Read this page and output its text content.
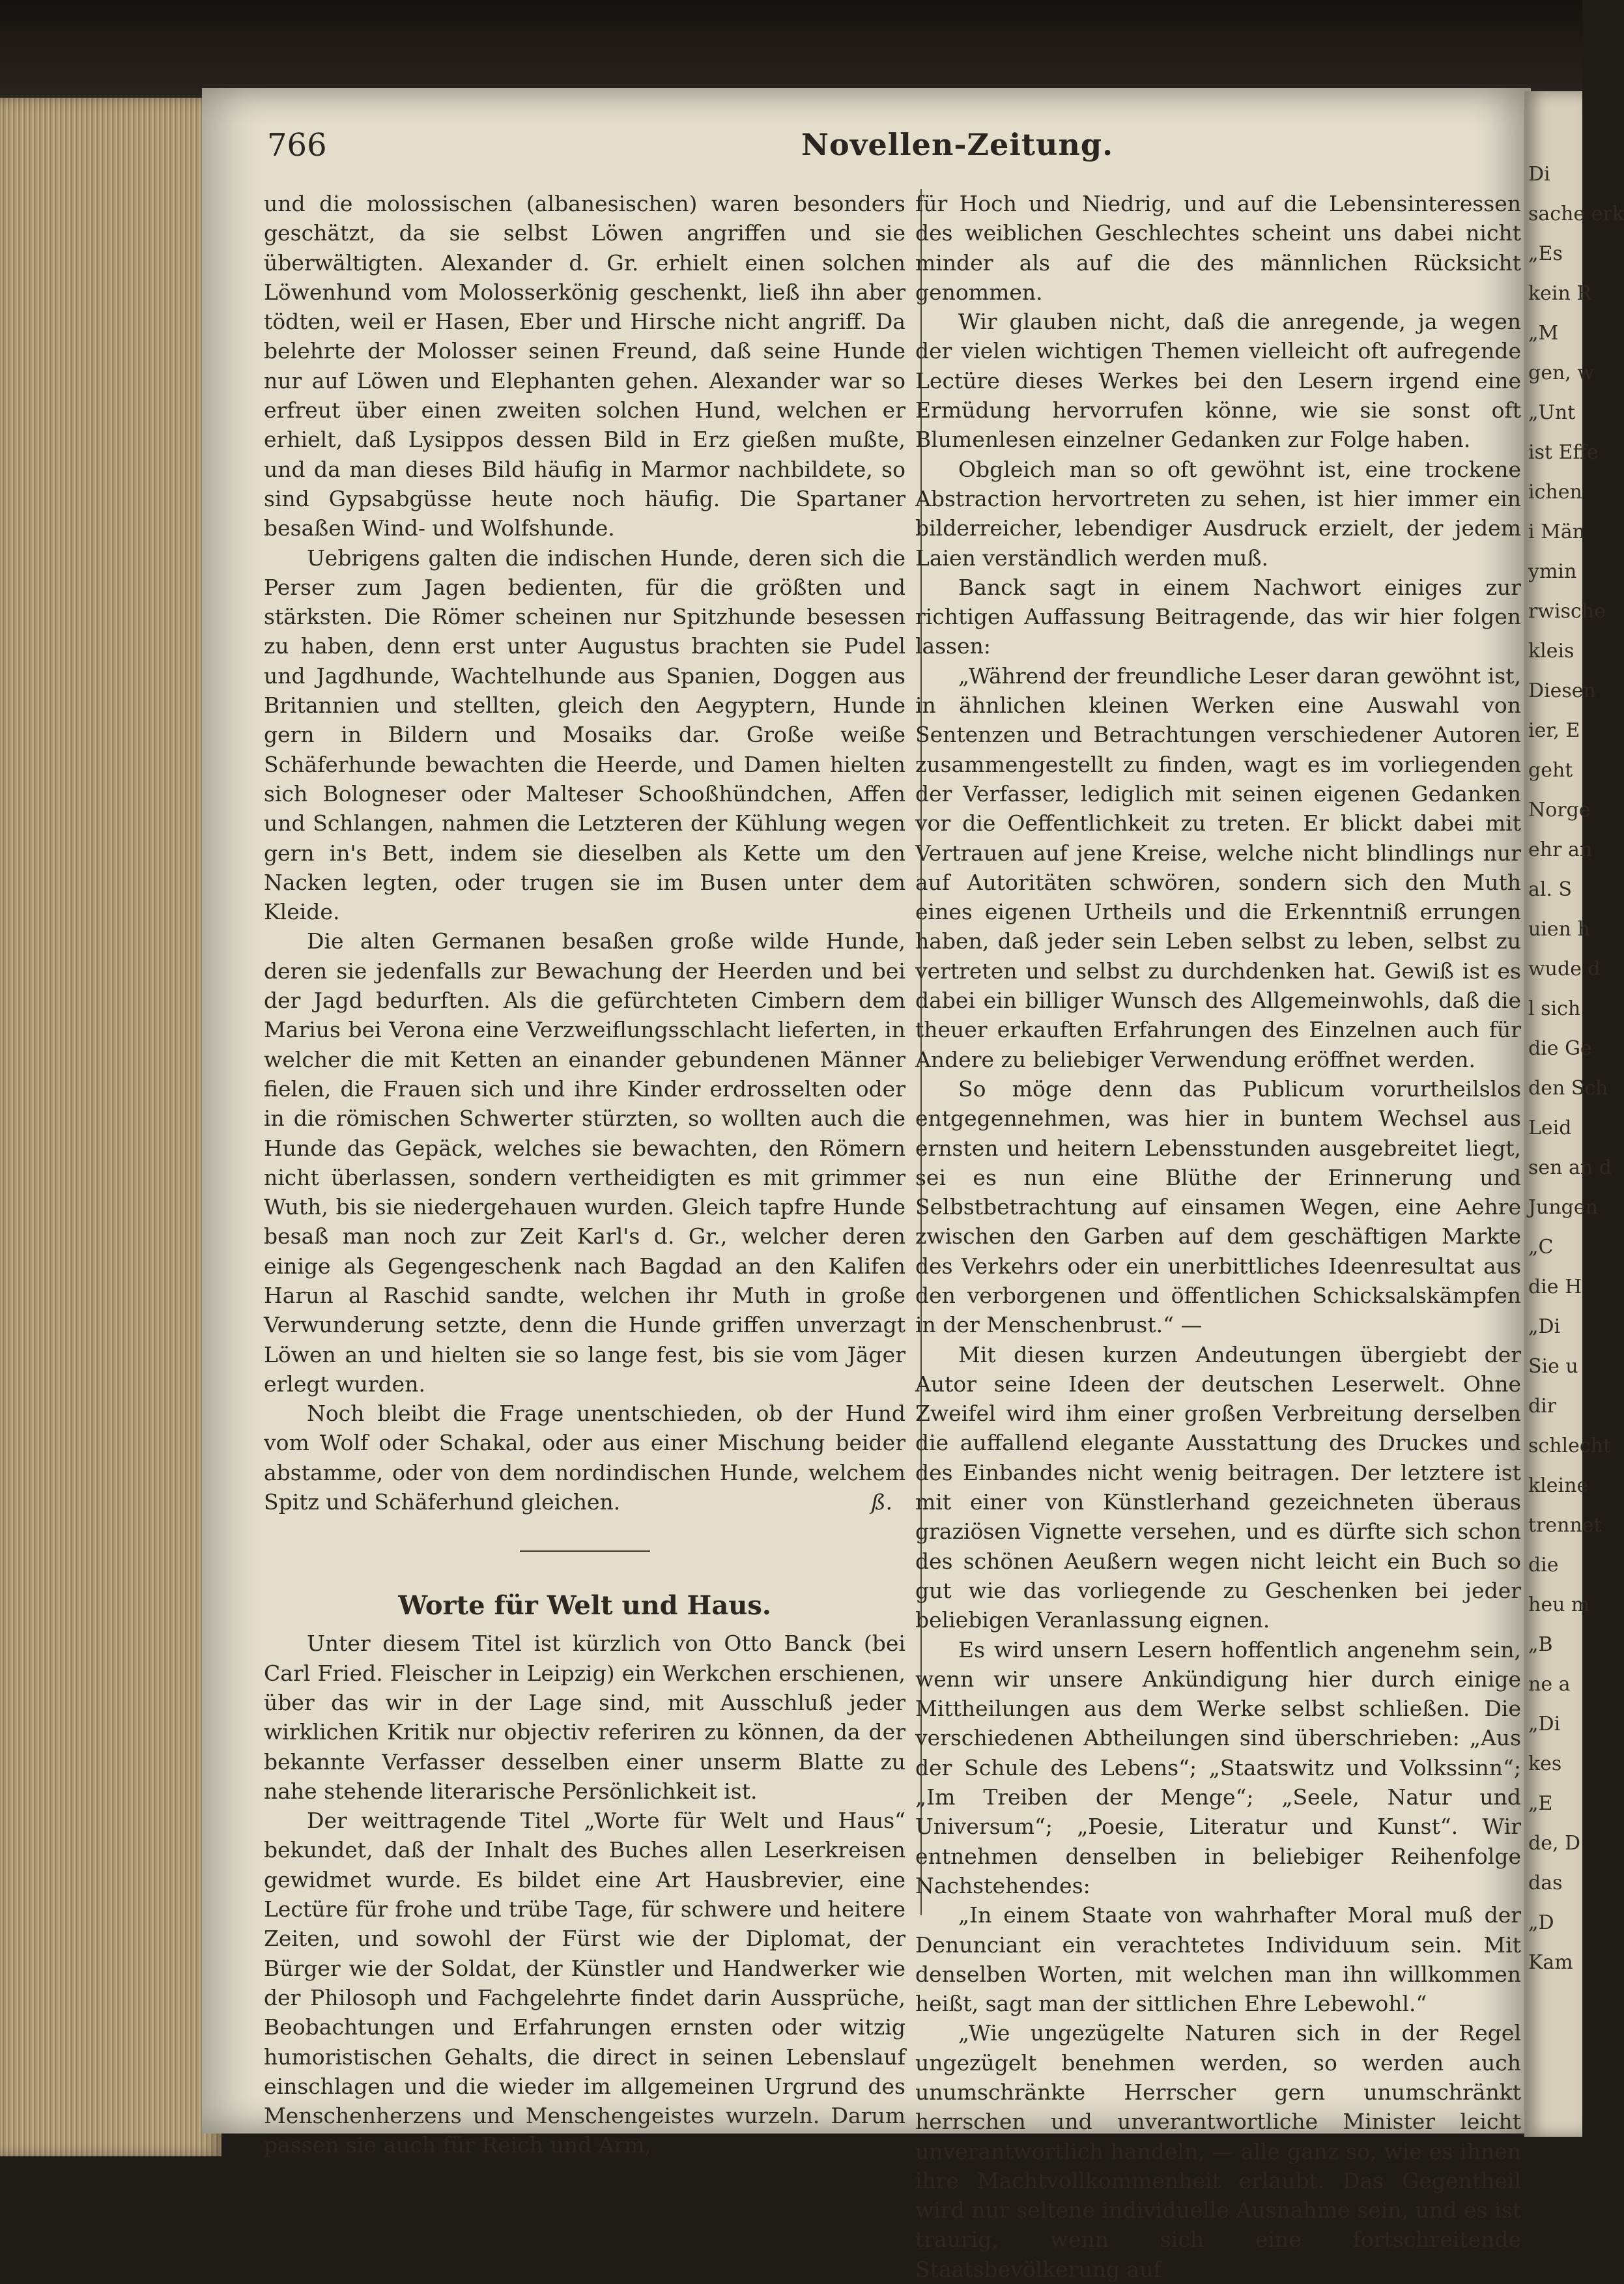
Di
sache erk
„Es
kein R
„M
gen, w
„Unt
ist Effe
ichen
i Män
ymin
rwische
kleis
Diesen
ier, E
geht
Norge
ehr an
al. S
uien h
wude d
l sich
die Ge
den Sch
Leid
sen an d
Jungen
„C
die H
„Di
Sie u
dir
schlecht
kleine
trennet
die
heu m
„B
ne a
„Di
kes
„E
de, D
das
„D
Kam
766	Novellen-Zeitung.

und die molossischen (albanesischen) waren besonders geschätzt, da sie selbst Löwen angriffen und sie überwältigten. Alexander d. Gr. erhielt einen solchen Löwenhund vom Molosserkönig geschenkt, ließ ihn aber tödten, weil er Hasen, Eber und Hirsche nicht angriff. Da belehrte der Molosser seinen Freund, daß seine Hunde nur auf Löwen und Elephanten gehen. Alexander war so erfreut über einen zweiten solchen Hund, welchen er erhielt, daß Lysippos dessen Bild in Erz gießen mußte, und da man dieses Bild häufig in Marmor nachbildete, so sind Gypsabgüsse heute noch häufig. Die Spartaner besaßen Wind- und Wolfshunde.

Uebrigens galten die indischen Hunde, deren sich die Perser zum Jagen bedienten, für die größten und stärksten. Die Römer scheinen nur Spitzhunde besessen zu haben, denn erst unter Augustus brachten sie Pudel und Jagdhunde, Wachtelhunde aus Spanien, Doggen aus Britannien und stellten, gleich den Aegyptern, Hunde gern in Bildern und Mosaiks dar. Große weiße Schäferhunde bewachten die Heerde, und Damen hielten sich Bologneser oder Malteser Schooßhündchen, Affen und Schlangen, nahmen die Letzteren der Kühlung wegen gern in's Bett, indem sie dieselben als Kette um den Nacken legten, oder trugen sie im Busen unter dem Kleide.

Die alten Germanen besaßen große wilde Hunde, deren sie jedenfalls zur Bewachung der Heerden und bei der Jagd bedurften. Als die gefürchteten Cimbern dem Marius bei Verona eine Verzweiflungsschlacht lieferten, in welcher die mit Ketten an einander gebundenen Männer fielen, die Frauen sich und ihre Kinder erdrosselten oder in die römischen Schwerter stürzten, so wollten auch die Hunde das Gepäck, welches sie bewachten, den Römern nicht überlassen, sondern vertheidigten es mit grimmer Wuth, bis sie niedergehauen wurden. Gleich tapfre Hunde besaß man noch zur Zeit Karl's d. Gr., welcher deren einige als Gegengeschenk nach Bagdad an den Kalifen Harun al Raschid sandte, welchen ihr Muth in große Verwunderung setzte, denn die Hunde griffen unverzagt Löwen an und hielten sie so lange fest, bis sie vom Jäger erlegt wurden.

Noch bleibt die Frage unentschieden, ob der Hund vom Wolf oder Schakal, oder aus einer Mischung beider abstamme, oder von dem nordindischen Hunde, welchem Spitz und Schäferhund gleichen.	ß.

Worte für Welt und Haus.

Unter diesem Titel ist kürzlich von Otto Banck (bei Carl Fried. Fleischer in Leipzig) ein Werkchen erschienen, über das wir in der Lage sind, mit Ausschluß jeder wirklichen Kritik nur objectiv referiren zu können, da der bekannte Verfasser desselben einer unserm Blatte zu nahe stehende literarische Persönlichkeit ist.

Der weittragende Titel „Worte für Welt und Haus“ bekundet, daß der Inhalt des Buches allen Leserkreisen gewidmet wurde. Es bildet eine Art Hausbrevier, eine Lectüre für frohe und trübe Tage, für schwere und heitere Zeiten, und sowohl der Fürst wie der Diplomat, der Bürger wie der Soldat, der Künstler und Handwerker wie der Philosoph und Fachgelehrte findet darin Aussprüche, Beobachtungen und Erfahrungen ernsten oder witzig humoristischen Gehalts, die direct in seinen Lebenslauf einschlagen und die wieder im allgemeinen Urgrund des Menschenherzens und Menschengeistes wurzeln. Darum passen sie auch für Reich und Arm,

für Hoch und Niedrig, und auf die Lebensinteressen des weiblichen Geschlechtes scheint uns dabei nicht minder als auf die des männlichen Rücksicht genommen.

Wir glauben nicht, daß die anregende, ja wegen der vielen wichtigen Themen vielleicht oft aufregende Lectüre dieses Werkes bei den Lesern irgend eine Ermüdung hervorrufen könne, wie sie sonst oft Blumenlesen einzelner Gedanken zur Folge haben.

Obgleich man so oft gewöhnt ist, eine trockene Abstraction hervortreten zu sehen, ist hier immer ein bilderreicher, lebendiger Ausdruck erzielt, der jedem Laien verständlich werden muß.

Banck sagt in einem Nachwort einiges zur richtigen Auffassung Beitragende, das wir hier folgen lassen:

„Während der freundliche Leser daran gewöhnt ist, in ähnlichen kleinen Werken eine Auswahl von Sentenzen und Betrachtungen verschiedener Autoren zusammengestellt zu finden, wagt es im vorliegenden der Verfasser, lediglich mit seinen eigenen Gedanken vor die Oeffentlichkeit zu treten. Er blickt dabei mit Vertrauen auf jene Kreise, welche nicht blindlings nur auf Autoritäten schwören, sondern sich den Muth eines eigenen Urtheils und die Erkenntniß errungen haben, daß jeder sein Leben selbst zu leben, selbst zu vertreten und selbst zu durchdenken hat. Gewiß ist es dabei ein billiger Wunsch des Allgemeinwohls, daß die theuer erkauften Erfahrungen des Einzelnen auch für Andere zu beliebiger Verwendung eröffnet werden.

So möge denn das Publicum vorurtheilslos entgegennehmen, was hier in buntem Wechsel aus ernsten und heitern Lebensstunden ausgebreitet liegt, sei es nun eine Blüthe der Erinnerung und Selbstbetrachtung auf einsamen Wegen, eine Aehre zwischen den Garben auf dem geschäftigen Markte des Verkehrs oder ein unerbittliches Ideenresultat aus den verborgenen und öffentlichen Schicksalskämpfen in der Menschenbrust.“ —

Mit diesen kurzen Andeutungen übergiebt der Autor seine Ideen der deutschen Leserwelt. Ohne Zweifel wird ihm einer großen Verbreitung derselben die auffallend elegante Ausstattung des Druckes und des Einbandes nicht wenig beitragen. Der letztere ist mit einer von Künstlerhand gezeichneten überaus graziösen Vignette versehen, und es dürfte sich schon des schönen Aeußern wegen nicht leicht ein Buch so gut wie das vorliegende zu Geschenken bei jeder beliebigen Veranlassung eignen.

Es wird unsern Lesern hoffentlich angenehm sein, wenn wir unsere Ankündigung hier durch einige Mittheilungen aus dem Werke selbst schließen. Die verschiedenen Abtheilungen sind überschrieben: „Aus der Schule des Lebens“; „Staatswitz und Volkssinn“; „Im Treiben der Menge“; „Seele, Natur und Universum“; „Poesie, Literatur und Kunst“. Wir entnehmen denselben in beliebiger Reihenfolge Nachstehendes:

„In einem Staate von wahrhafter Moral muß der Denunciant ein verachtetes Individuum sein. Mit denselben Worten, mit welchen man ihn willkommen heißt, sagt man der sittlichen Ehre Lebewohl.“

„Wie ungezügelte Naturen sich in der Regel ungezügelt benehmen werden, so werden auch unumschränkte Herrscher gern unumschränkt herrschen und unverantwortliche Minister leicht unverantwortlich handeln, — alle ganz so, wie es ihnen ihre Machtvollkommenheit erlaubt. Das Gegentheil wird nur seltene individuelle Ausnahme sein, und es ist traurig, wenn sich eine fortschreitende Staatsbevölkerung auf
